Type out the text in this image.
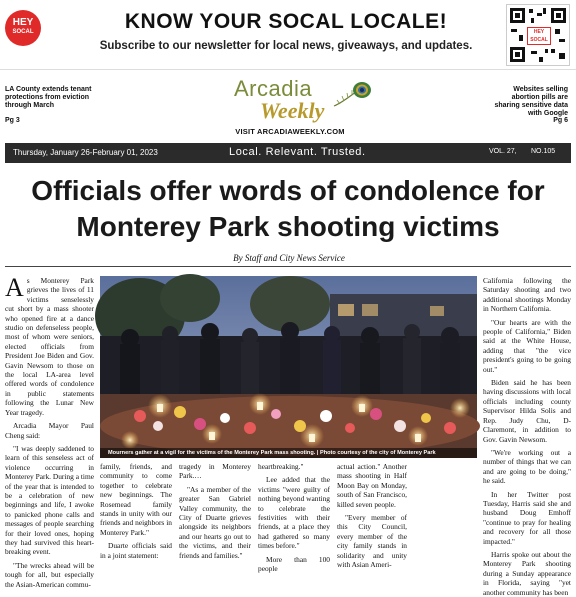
HEY
SOCAL	KNOW YOUR SOCAL LOCALE!
Subscribe to our newsletter for local news, giveaways, and updates.
HEY
SOCAL
LA County extends tenant protections from eviction through March
Pg 3
Arcadia
Weekly
VISIT ARCADIAWEEKLY.COM
Websites selling abortion pills are sharing sensitive data with Google
Pg 6
Thursday, January 26-February 01, 2023	Local. Relevant. Trusted.	VOL. 27, NO.105
Officials offer words of condolence for Monterey Park shooting victims
By Staff and City News Service

As Monterey Park grieves the lives of 11 victims senselessly cut short by a mass shooter who opened fire at a dance studio on defenseless people, most of whom were seniors, elected officials from President Joe Biden and Gov. Gavin Newsom to those on the local LA-area level offered words of condolence in public statements following the Lunar New Year tragedy.

Arcadia Mayor Paul Cheng said:

"I was deeply saddened to learn of this senseless act of violence occurring in Monterey Park. During a time of the year that is intended to be a celebration of new beginnings and life, I awoke to panicked phone calls and messages of people searching for their loved ones, hoping they had survived this heart-breaking event.

"The wrecks ahead will be tough for all, but especially the Asian-American commu-

Mourners gather at a vigil for the victims of the Monterey Park mass shooting. | Photo courtesy of the city of Monterey Park

family, friends, and community to come together to celebrate new beginnings. The Rosemead family stands in unity with our friends and neighbors in Monterey Park."

Duarte officials said in a joint statement:

tragedy in Monterey Park.…

"As a member of the greater San Gabriel Valley community, the City of Duarte grieves alongside its neighbors and our hearts go out to the victims, and their friends and families."

heartbreaking."

Lee added that the victims "were guilty of nothing beyond wanting to celebrate the festivities with their friends, at a place they had gathered so many times before."

More than 100 people

actual action." Another mass shooting in Half Moon Bay on Monday, south of San Francisco, killed seven people.

"Every member of this City Council, every member of the city family stands in solidarity and unity with Asian Ameri-

California following the Saturday shooting and two additional shootings Monday in Northern California.

"Our hearts are with the people of California," Biden said at the White House, adding that "the vice president's going to be going out."

Biden said he has been having discussions with local officials including county Supervisor Hilda Solis and Rep. Judy Chu, D-Claremont, in addition to Gov. Gavin Newsom.

"We're working out a number of things that we can and are going to be doing," he said.

In her Twitter post Tuesday, Harris said she and husband Doug Emhoff "continue to pray for healing and recovery for all those impacted."

Harris spoke out about the Monterey Park shooting during a Sunday appearance in Florida, saying "yet another community has been
